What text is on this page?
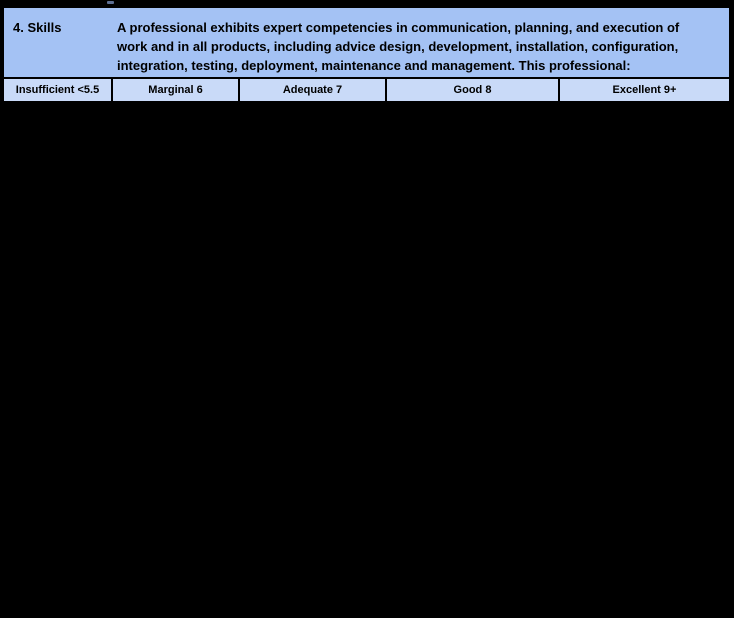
4. Skills	A professional exhibits expert competencies in communication, planning, and execution of
work and in all products, including advice design, development, installation, configuration,
integration, testing, deployment, maintenance and management. This professional:
Insufficient <5.5	Marginal 6	Adequate 7	Good 8	Excellent 9+
